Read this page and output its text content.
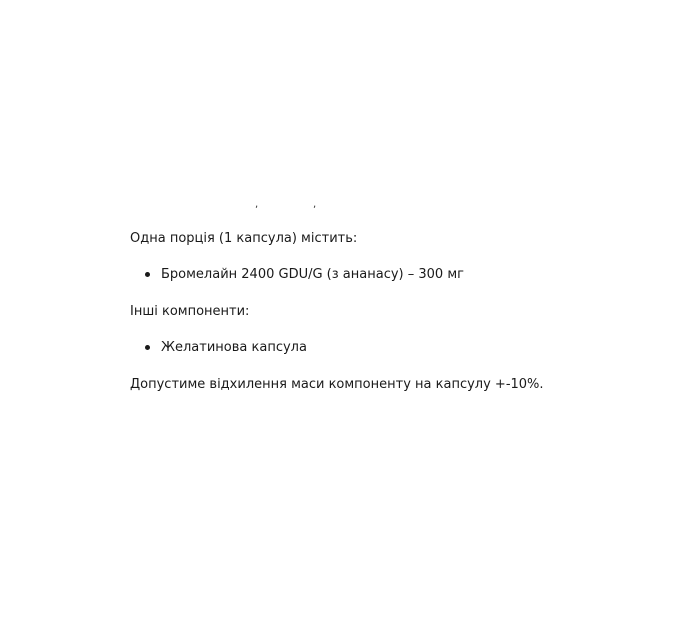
,	,

Одна порція (1 капсула) містить:

Бромелайн 2400 GDU/G (з ананасу) – 300 мг

Інші компоненти:

Желатинова капсула

Допустиме відхилення маси компоненту на капсулу +-10%.
